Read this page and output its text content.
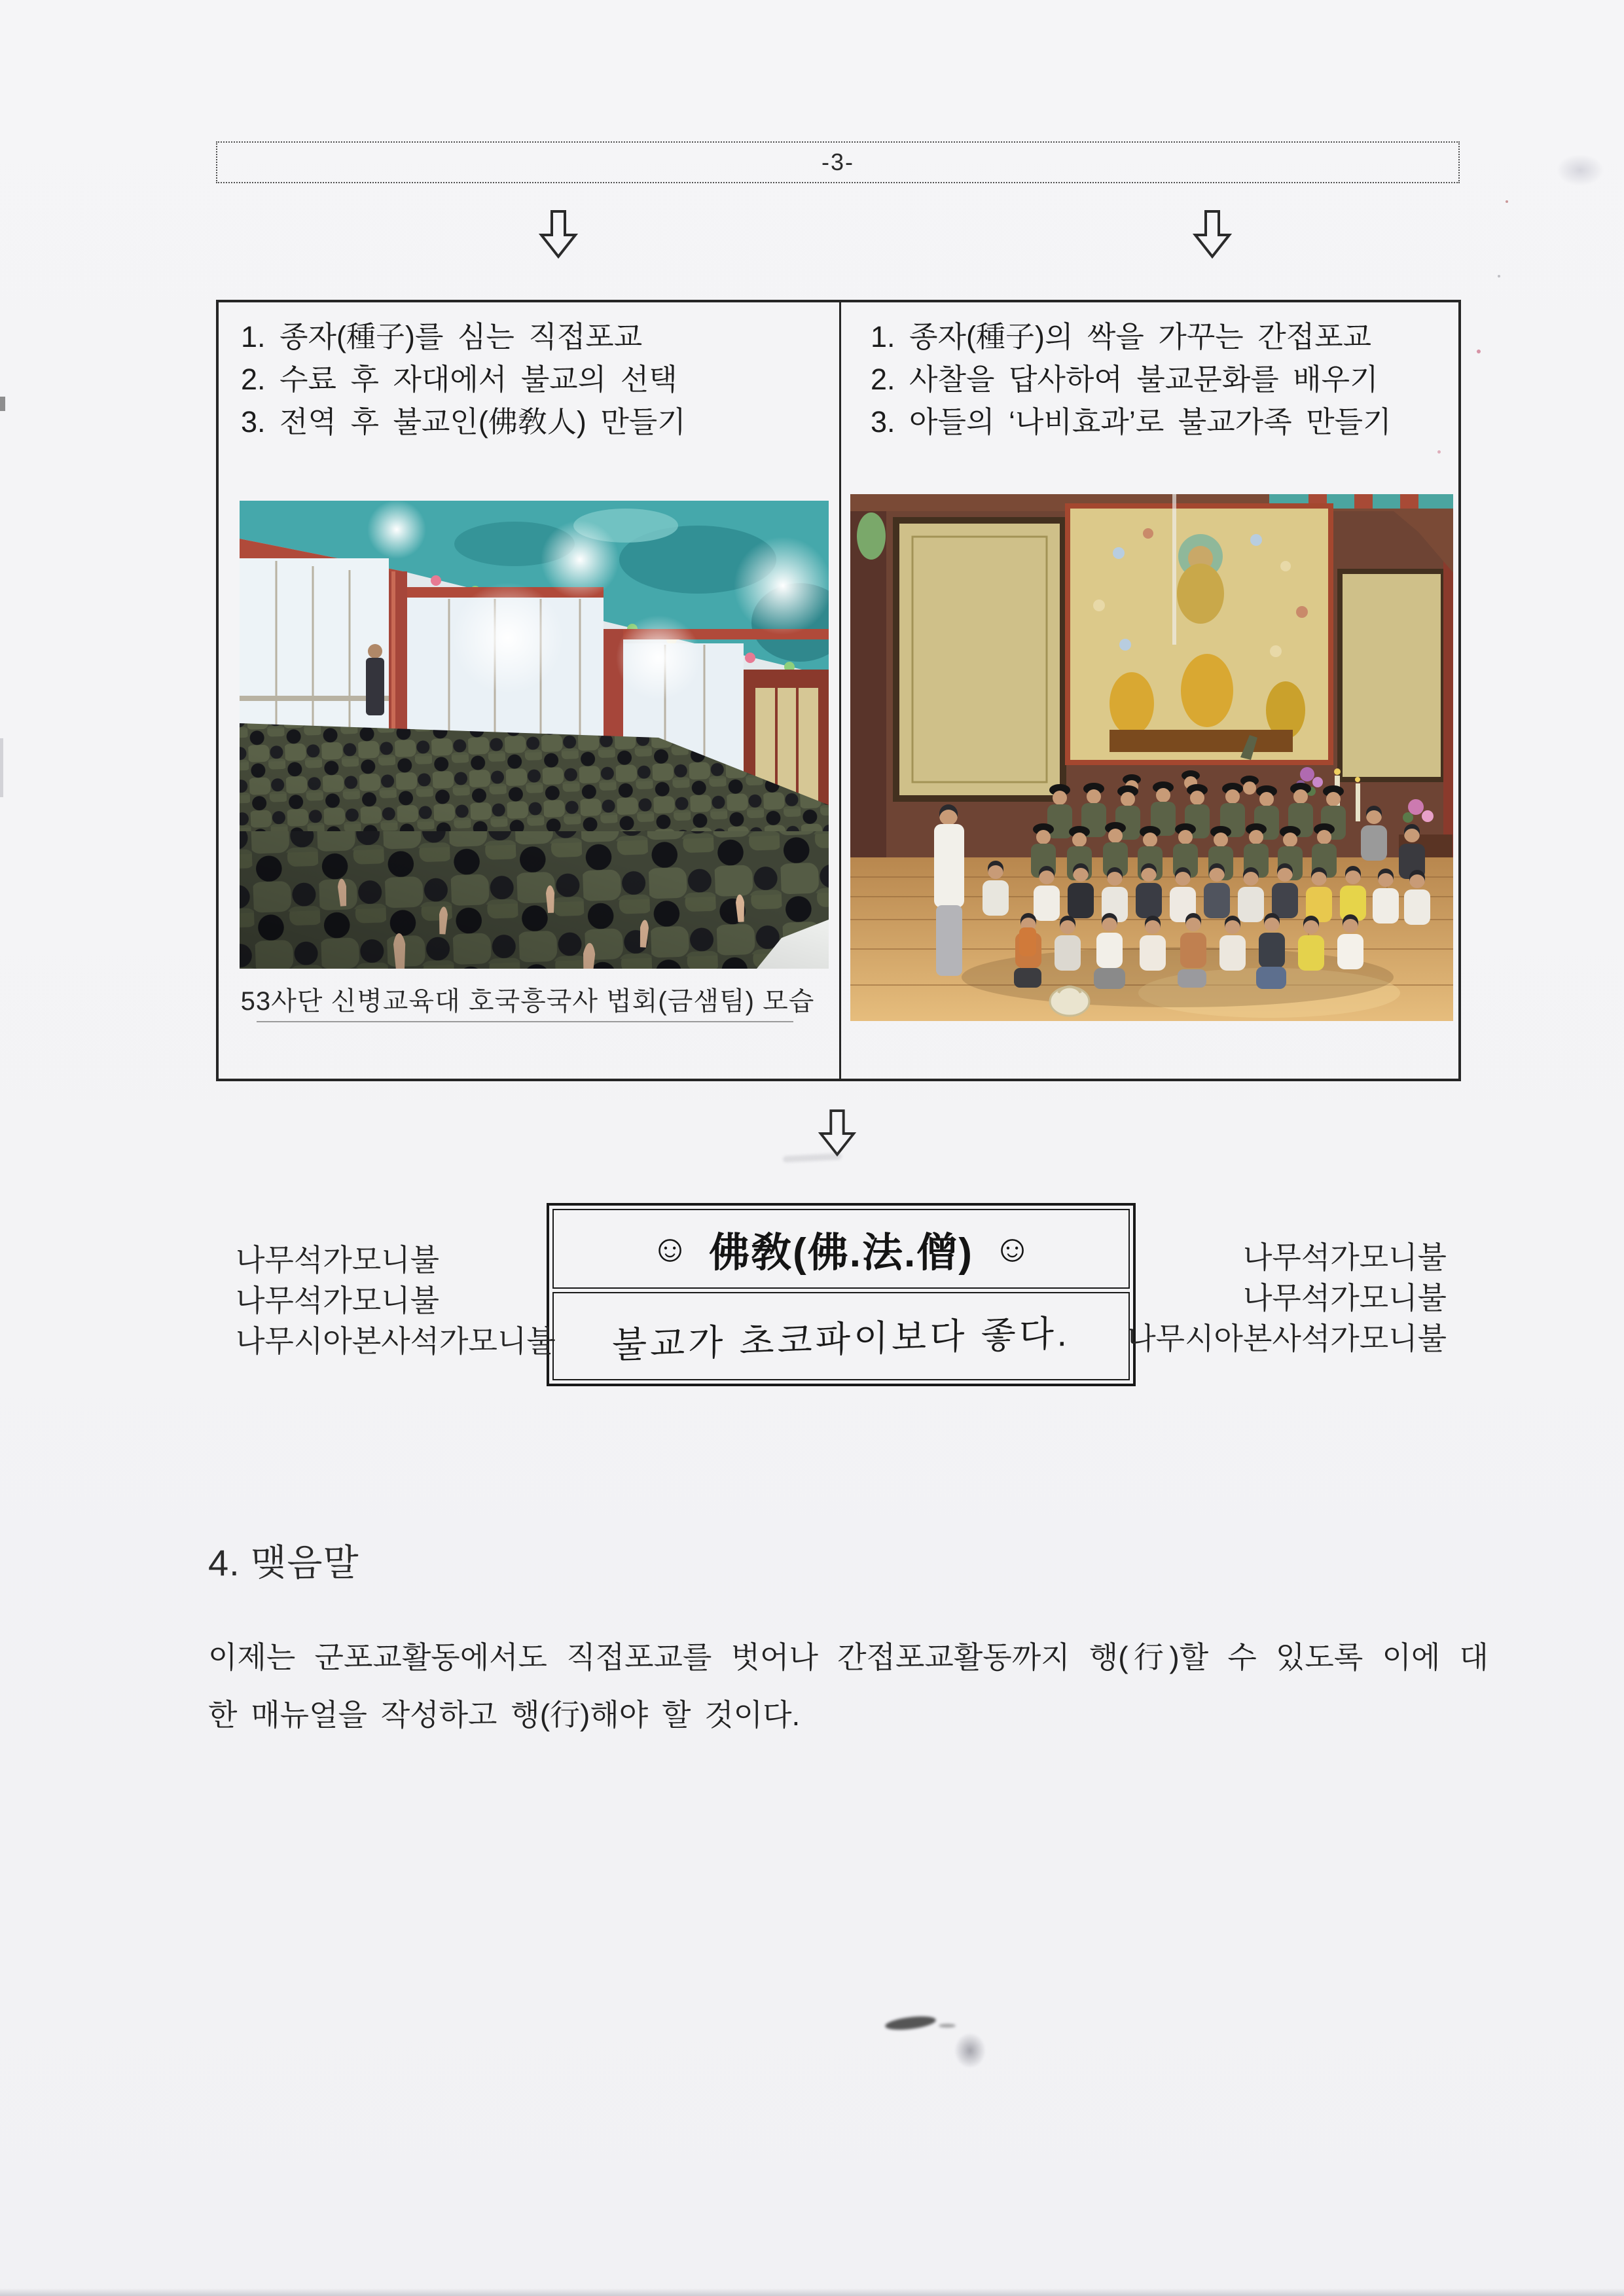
-3-
1. 종자(種子)를 심는 직접포교
2. 수료 후 자대에서 불교의 선택
3. 전역 후 불교인(佛敎人) 만들기
1. 종자(種子)의 싹을 가꾸는 간접포교
2. 사찰을 답사하여 불교문화를 배우기
3. 아들의 ‘나비효과’로 불교가족 만들기
53사단 신병교육대 호국흥국사 법회(금샘팀) 모습
☺ 佛敎(佛.法.僧) ☺
불교가 초코파이보다 좋다.
나무석가모니불
나무석가모니불
나무시아본사석가모니불
나무석가모니불
나무석가모니불
나무시아본사석가모니불
4. 맺음말
이제는 군포교활동에서도 직접포교를 벗어나 간접포교활동까지 행(行)할 수 있도록 이에 대
한 매뉴얼을 작성하고 행(行)해야 할 것이다.
